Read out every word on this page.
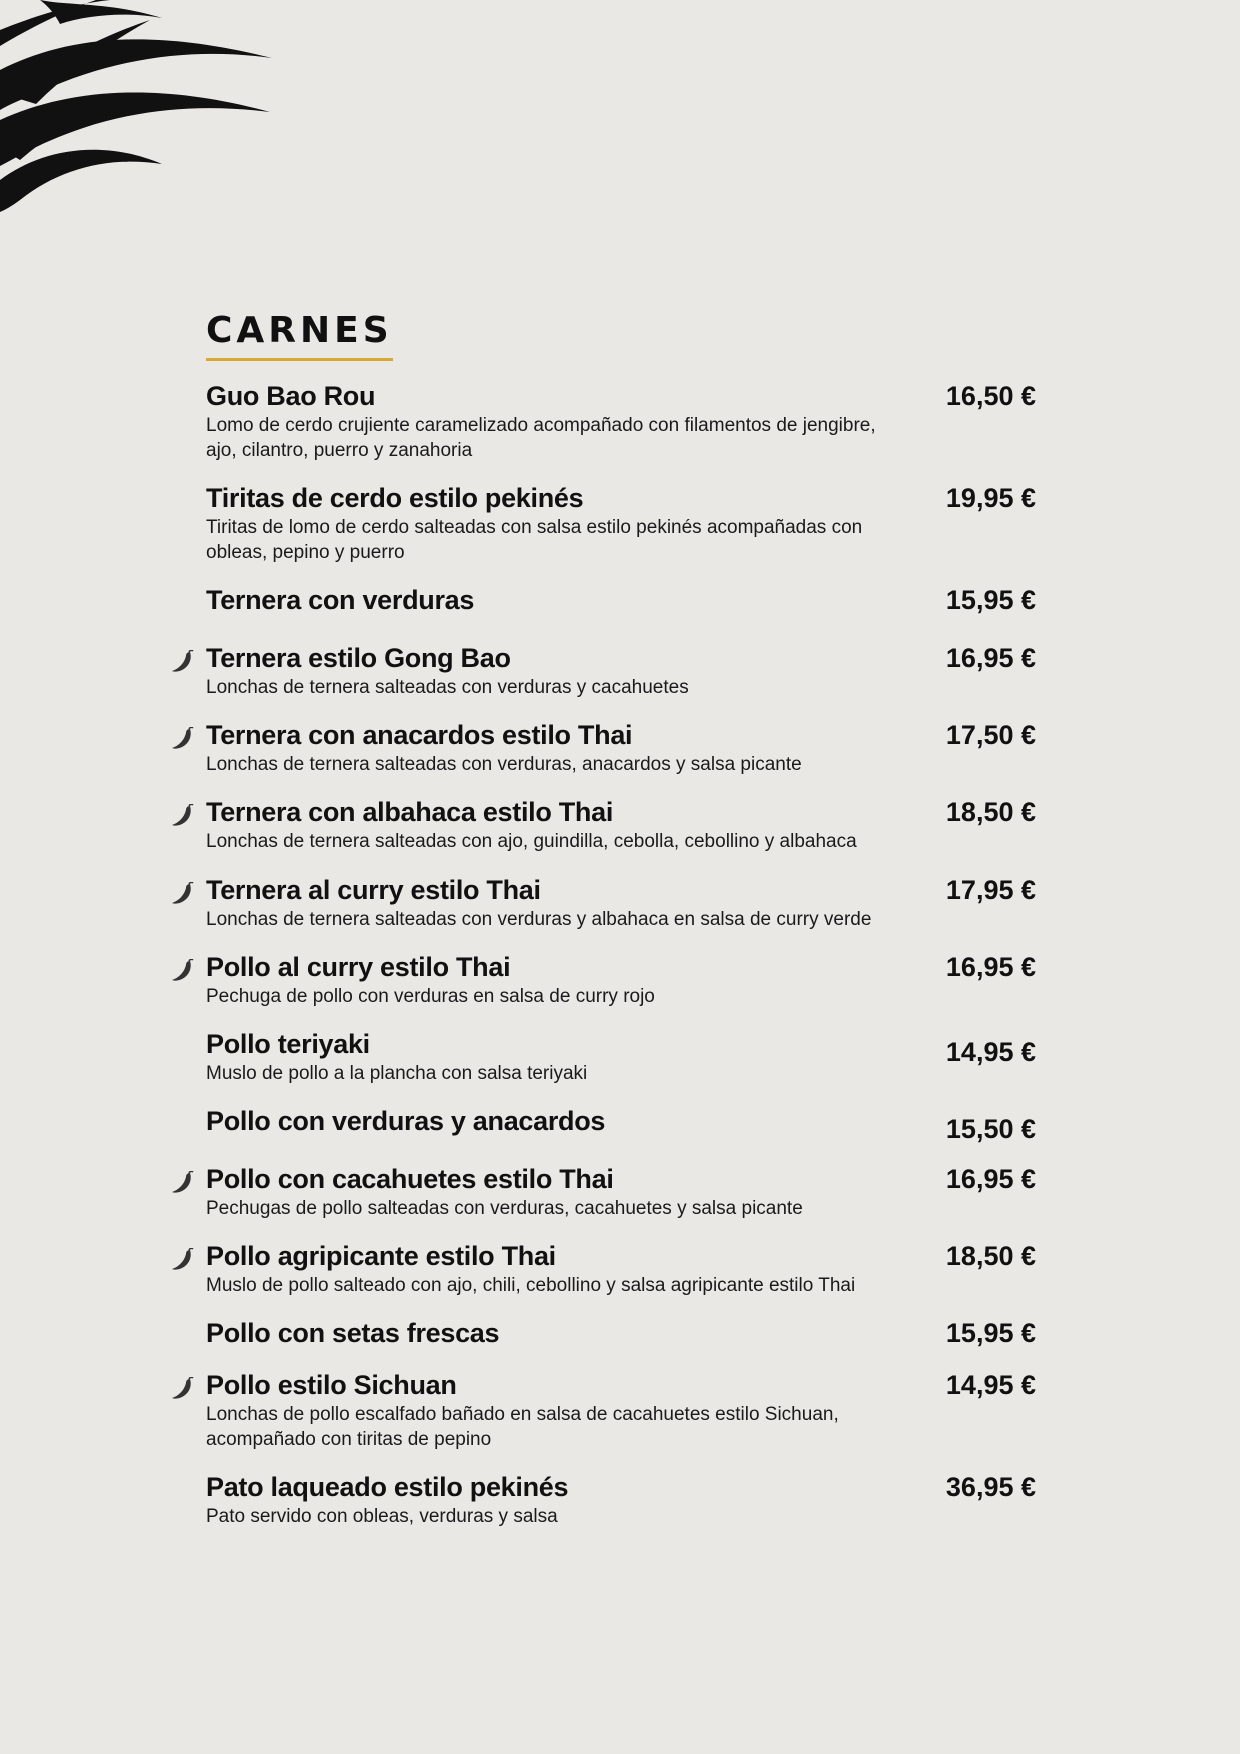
CARNES
Guo Bao Rou	16,50 €
Lomo de cerdo crujiente caramelizado acompañado con filamentos de jengibre, ajo, cilantro, puerro y zanahoria
Tiritas de cerdo estilo pekinés	19,95 €
Tiritas de lomo de cerdo salteadas con salsa estilo pekinés acompañadas con obleas, pepino y puerro
Ternera con verduras	15,95 €
Ternera estilo Gong Bao	16,95 €
Lonchas de ternera salteadas con verduras y cacahuetes
Ternera con anacardos estilo Thai	17,50 €
Lonchas de ternera salteadas con verduras, anacardos y salsa picante
Ternera con albahaca estilo Thai	18,50 €
Lonchas de ternera salteadas con ajo, guindilla, cebolla, cebollino y albahaca
Ternera al curry estilo Thai	17,95 €
Lonchas de ternera salteadas con verduras y albahaca en salsa de curry verde
Pollo al curry estilo Thai	16,95 €
Pechuga de pollo con verduras en salsa de curry rojo
Pollo teriyaki	14,95 €
Muslo de pollo a la plancha con salsa teriyaki
Pollo con verduras y anacardos	15,50 €
Pollo con cacahuetes estilo Thai	16,95 €
Pechugas de pollo salteadas con verduras, cacahuetes y salsa picante
Pollo agripicante estilo Thai	18,50 €
Muslo de pollo salteado con ajo, chili, cebollino y salsa agripicante estilo Thai
Pollo con setas frescas	15,95 €
Pollo estilo Sichuan	14,95 €
Lonchas de pollo escalfado bañado en salsa de cacahuetes estilo Sichuan, acompañado con tiritas de pepino
Pato laqueado estilo pekinés	36,95 €
Pato servido con obleas, verduras y salsa
